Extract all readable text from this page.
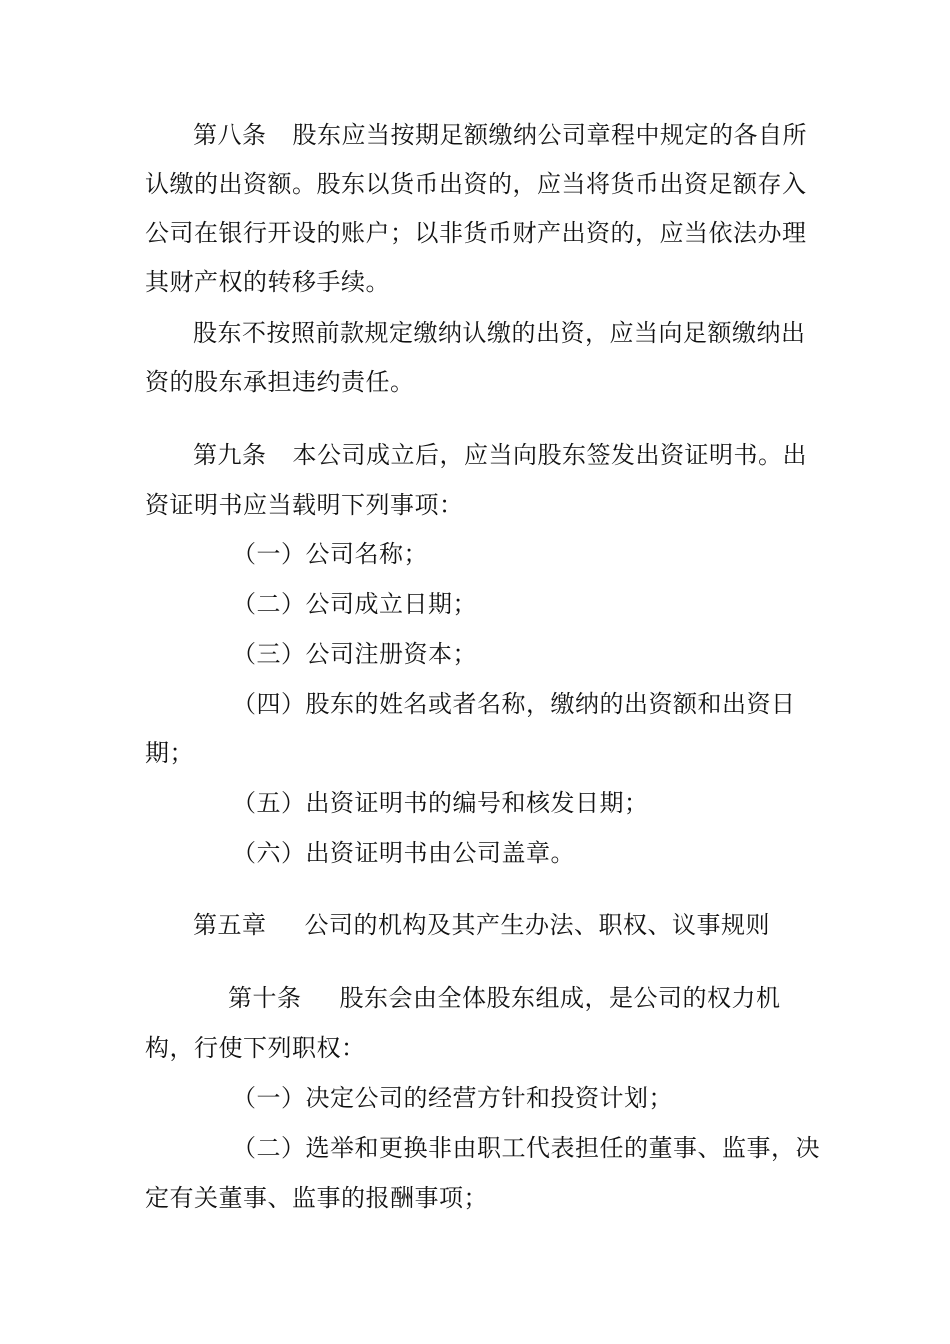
第八条 股东应当按期足额缴纳公司章程中规定的各自所
认缴的出资额。股东以货币出资的，应当将货币出资足额存入
公司在银行开设的账户；以非货币财产出资的，应当依法办理
其财产权的转移手续。
股东不按照前款规定缴纳认缴的出资，应当向足额缴纳出
资的股东承担违约责任。
第九条 本公司成立后，应当向股东签发出资证明书。出
资证明书应当载明下列事项：
（一）公司名称；
（二）公司成立日期；
（三）公司注册资本；
（四）股东的姓名或者名称，缴纳的出资额和出资日
期；
（五）出资证明书的编号和核发日期；
（六）出资证明书由公司盖章。
第五章 公司的机构及其产生办法、职权、议事规则
第十条 股东会由全体股东组成，是公司的权力机
构，行使下列职权：
（一）决定公司的经营方针和投资计划；
（二）选举和更换非由职工代表担任的董事、监事，决
定有关董事、监事的报酬事项；
